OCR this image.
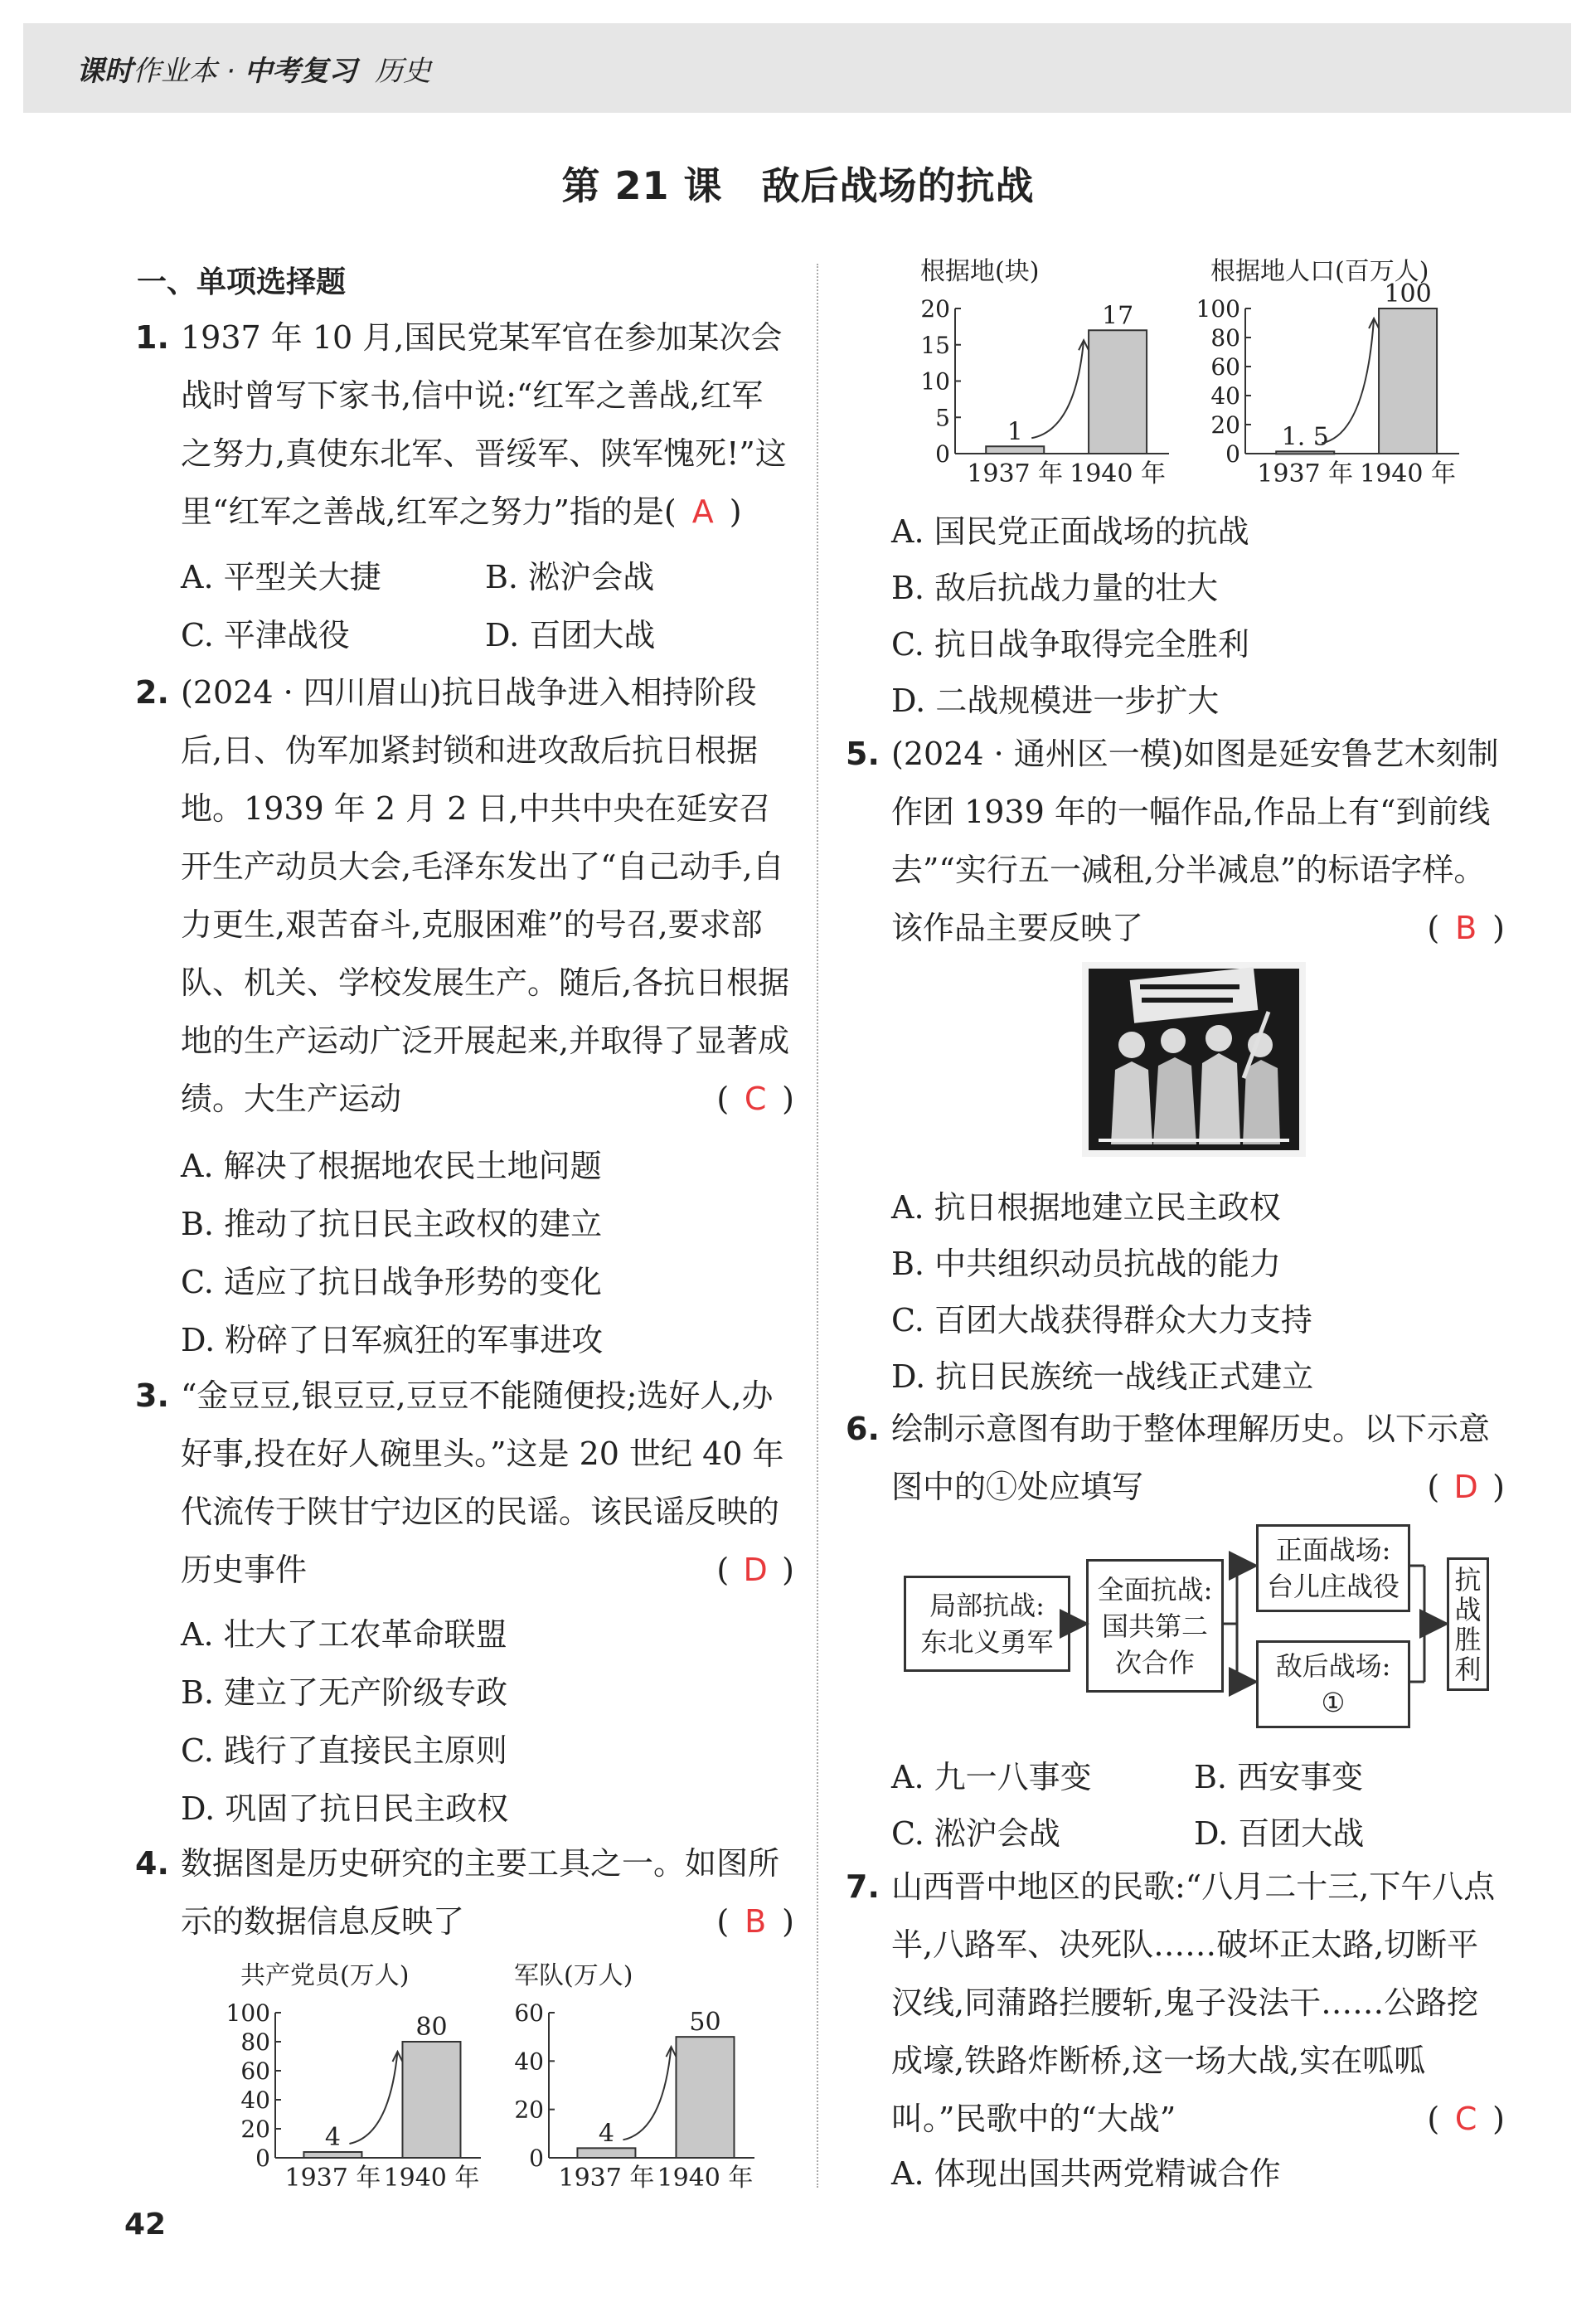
课时作业本 · 中考复习 历史
第 21 课　敌后战场的抗战
一、单项选择题
1. 1937 年 10 月,国民党某军官在参加某次会战时曾写下家书,信中说:“红军之善战,红军之努力,真使东北军、晋绥军、陕军愧死!”这里“红军之善战,红军之努力”指的是( A )
A. 平型关大捷	B. 淞沪会战
C. 平津战役	D. 百团大战
2. (2024 · 四川眉山)抗日战争进入相持阶段后,日、伪军加紧封锁和进攻敌后抗日根据地。1939 年 2 月 2 日,中共中央在延安召开生产动员大会,毛泽东发出了“自己动手,自力更生,艰苦奋斗,克服困难”的号召,要求部队、机关、学校发展生产。随后,各抗日根据地的生产运动广泛开展起来,并取得了显著成绩。大生产运动	( C )
A. 解决了根据地农民土地问题
B. 推动了抗日民主政权的建立
C. 适应了抗日战争形势的变化
D. 粉碎了日军疯狂的军事进攻
3. “金豆豆,银豆豆,豆豆不能随便投;选好人,办好事,投在好人碗里头。”这是 20 世纪 40 年代流传于陕甘宁边区的民谣。该民谣反映的历史事件	( D )
A. 壮大了工农革命联盟
B. 建立了无产阶级专政
C. 践行了直接民主原则
D. 巩固了抗日民主政权
4. 数据图是历史研究的主要工具之一。如图所示的数据信息反映了	( B )
共产党员(万人)
0
20
40
60
80
100
4
1937 年
80
1940 年
军队(万人)
0
20
40
60
4
1937 年
50
1940 年
根据地(块)
0
5
10
15
20
1
1937 年
17
1940 年
根据地人口(百万人)
0
20
40
60
80
100
1. 5
1937 年
100
1940 年
A. 国民党正面战场的抗战
B. 敌后抗战力量的壮大
C. 抗日战争取得完全胜利
D. 二战规模进一步扩大
5. (2024 · 通州区一模)如图是延安鲁艺木刻制作团 1939 年的一幅作品,作品上有“到前线去”“实行五一减租,分半减息”的标语字样。该作品主要反映了	( B )
A. 抗日根据地建立民主政权
B. 中共组织动员抗战的能力
C. 百团大战获得群众大力支持
D. 抗日民族统一战线正式建立
6. 绘制示意图有助于整体理解历史。以下示意图中的①处应填写	( D )
局部抗战:
东北义勇军
全面抗战:
国共第二
次合作
正面战场:
台儿庄战役
敌后战场:
①
抗
战
胜
利
A. 九一八事变	B. 西安事变
C. 淞沪会战	D. 百团大战
7. 山西晋中地区的民歌:“八月二十三,下午八点半,八路军、决死队……破坏正太路,切断平汉线,同蒲路拦腰斩,鬼子没法干……公路挖成壕,铁路炸断桥,这一场大战,实在呱呱叫。”民歌中的“大战”	( C )
A. 体现出国共两党精诚合作
42
